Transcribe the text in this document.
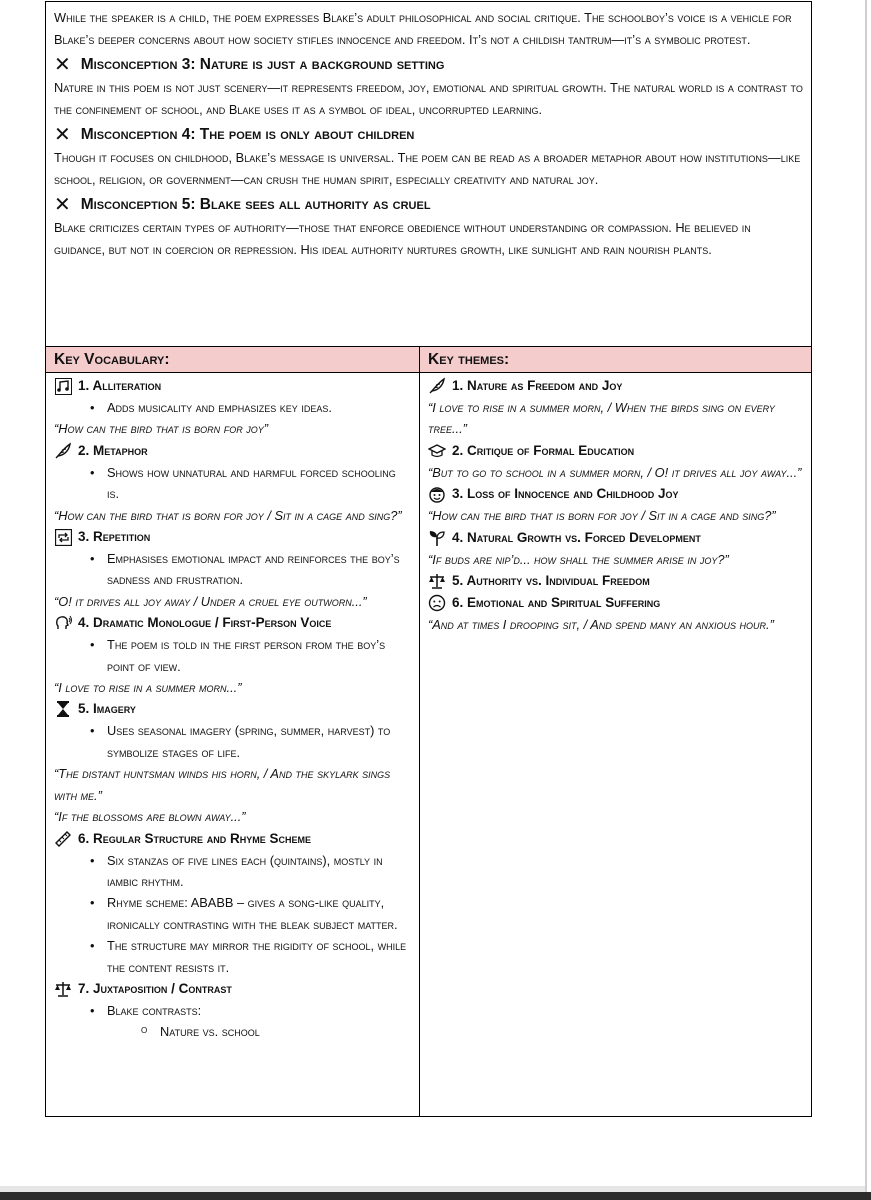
While the speaker is a child, the poem expresses Blake’s adult philosophical and social critique. The schoolboy’s voice is a vehicle for Blake’s deeper concerns about how society stifles innocence and freedom. It’s not a childish tantrum—it’s a symbolic protest.

✕ Misconception 3: Nature is just a background setting

Nature in this poem is not just scenery—it represents freedom, joy, emotional and spiritual growth. The natural world is a contrast to the confinement of school, and Blake uses it as a symbol of ideal, uncorrupted learning.

✕ Misconception 4: The poem is only about children

Though it focuses on childhood, Blake’s message is universal. The poem can be read as a broader metaphor about how institutions—like school, religion, or government—can crush the human spirit, especially creativity and natural joy.

✕ Misconception 5: Blake sees all authority as cruel

Blake criticizes certain types of authority—those that enforce obedience without understanding or compassion. He believed in guidance, but not in coercion or repression. His ideal authority nurtures growth, like sunlight and rain nourish plants.

Key Vocabulary:	Key themes:
1. Alliteration
• Adds musicality and emphasizes key ideas.
“How can the bird that is born for joy”
2. Metaphor
• Shows how unnatural and harmful forced schooling is.
“How can the bird that is born for joy / Sit in a cage and sing?”
3. Repetition
• Emphasises emotional impact and reinforces the boy’s sadness and frustration.
“O! it drives all joy away / Under a cruel eye outworn...”
4. Dramatic Monologue / First-Person Voice
• The poem is told in the first person from the boy’s point of view.
“I love to rise in a summer morn...”
5. Imagery
• Uses seasonal imagery (spring, summer, harvest) to symbolize stages of life.
“The distant huntsman winds his horn, / And the skylark sings with me.”
“If the blossoms are blown away...”
6. Regular Structure and Rhyme Scheme
• Six stanzas of five lines each (quintains), mostly in iambic rhythm.
• Rhyme scheme: ABABB – gives a song-like quality, ironically contrasting with the bleak subject matter.
• The structure may mirror the rigidity of school, while the content resists it.
7. Juxtaposition / Contrast
• Blake contrasts:
o Nature vs. school
1. Nature as Freedom and Joy
“I love to rise in a summer morn, / When the birds sing on every tree...”
2. Critique of Formal Education
“But to go to school in a summer morn, / O! it drives all joy away...”
3. Loss of Innocence and Childhood Joy
“How can the bird that is born for joy / Sit in a cage and sing?”
4. Natural Growth vs. Forced Development
“If buds are nip’d... how shall the summer arise in joy?”
5. Authority vs. Individual Freedom
6. Emotional and Spiritual Suffering
“And at times I drooping sit, / And spend many an anxious hour.”
